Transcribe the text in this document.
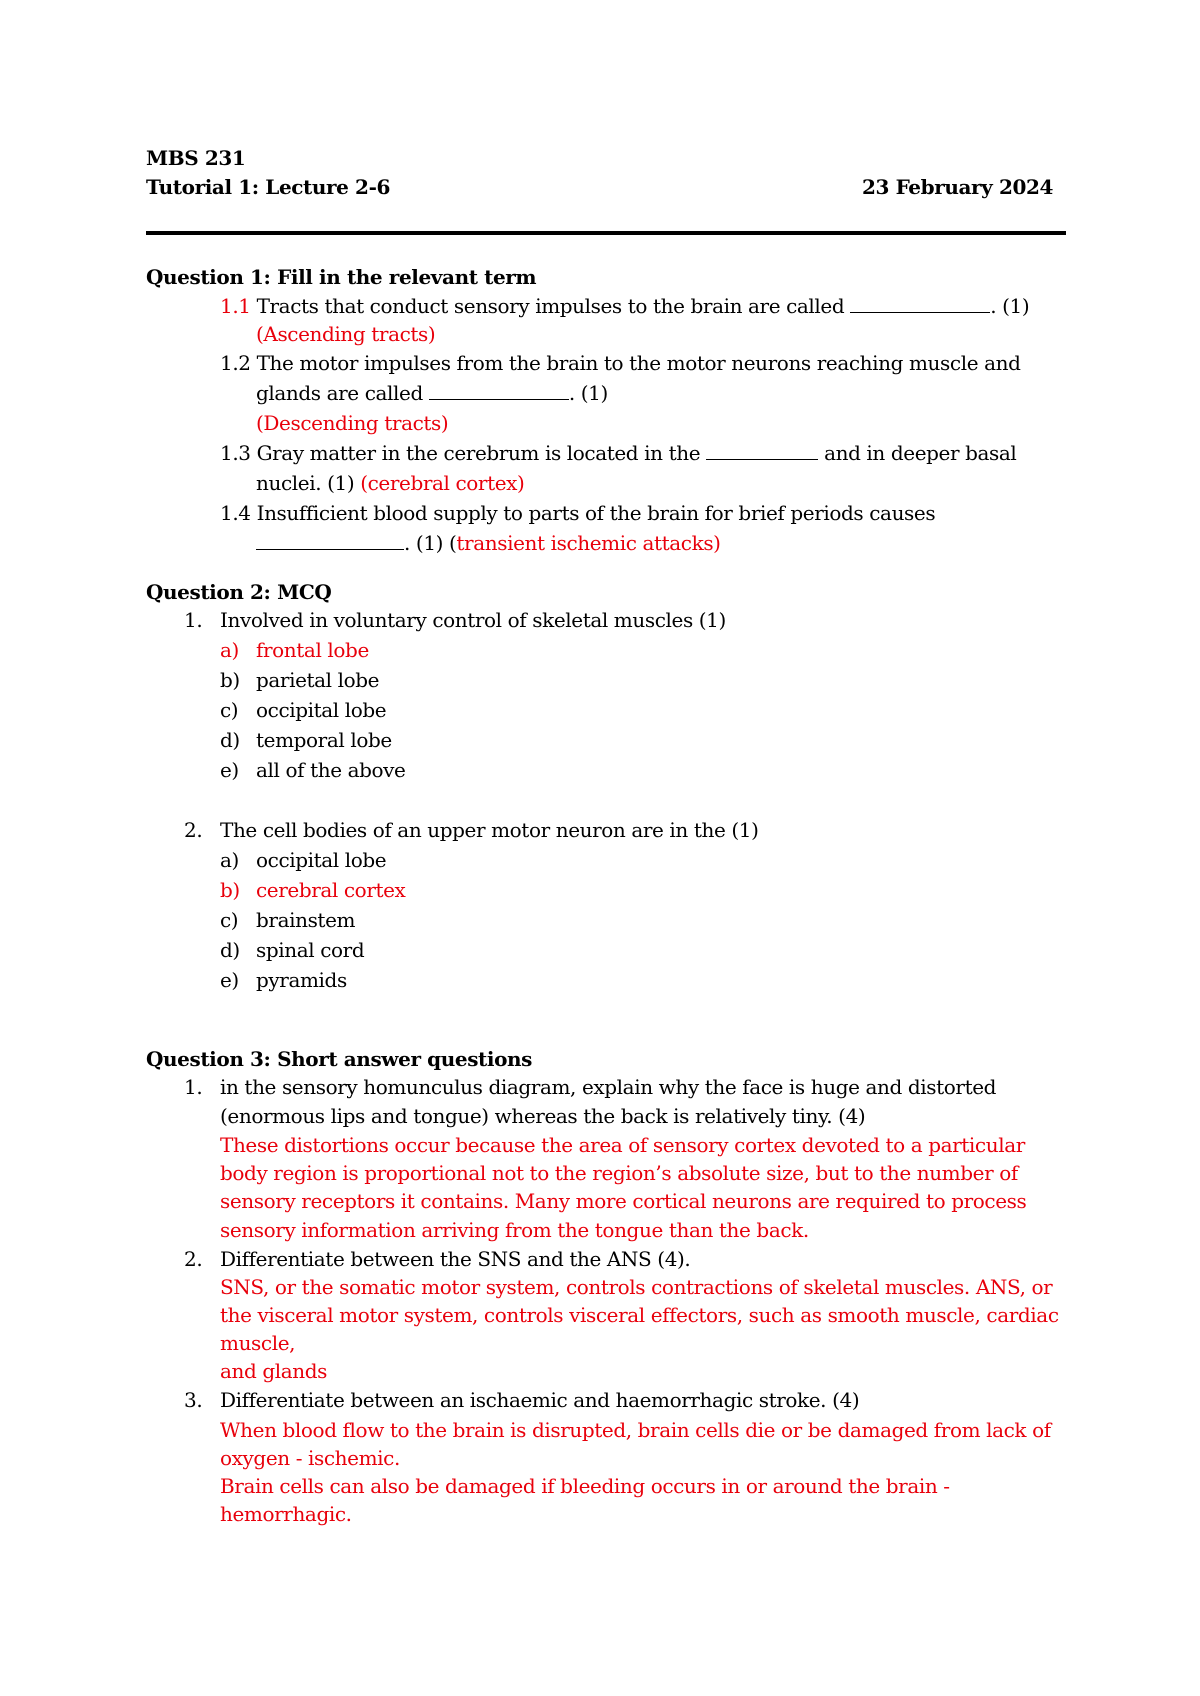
MBS 231
Tutorial 1: Lecture 2-6	23 February 2024
Question 1: Fill in the relevant term
1.1 Tracts that conduct sensory impulses to the brain are called	. (1)
(Ascending tracts)
1.2 The motor impulses from the brain to the motor neurons reaching muscle and
glands are called	. (1)
(Descending tracts)
1.3 Gray matter in the cerebrum is located in the	and in deeper basal
nuclei. (1) (cerebral cortex)
1.4 Insufficient blood supply to parts of the brain for brief periods causes
. (1) (transient ischemic attacks)
Question 2: MCQ
1. Involved in voluntary control of skeletal muscles (1)
a) frontal lobe
b) parietal lobe
c) occipital lobe
d) temporal lobe
e) all of the above
2. The cell bodies of an upper motor neuron are in the (1)
a) occipital lobe
b) cerebral cortex
c) brainstem
d) spinal cord
e) pyramids
Question 3: Short answer questions
1. in the sensory homunculus diagram, explain why the face is huge and distorted
(enormous lips and tongue) whereas the back is relatively tiny. (4)
These distortions occur because the area of sensory cortex devoted to a particular
body region is proportional not to the region’s absolute size, but to the number of
sensory receptors it contains. Many more cortical neurons are required to process
sensory information arriving from the tongue than the back.
2. Differentiate between the SNS and the ANS (4).
SNS, or the somatic motor system, controls contractions of skeletal muscles. ANS, or
the visceral motor system, controls visceral effectors, such as smooth muscle, cardiac
muscle,
and glands
3. Differentiate between an ischaemic and haemorrhagic stroke. (4)
When blood flow to the brain is disrupted, brain cells die or be damaged from lack of
oxygen - ischemic.
Brain cells can also be damaged if bleeding occurs in or around the brain -
hemorrhagic.
